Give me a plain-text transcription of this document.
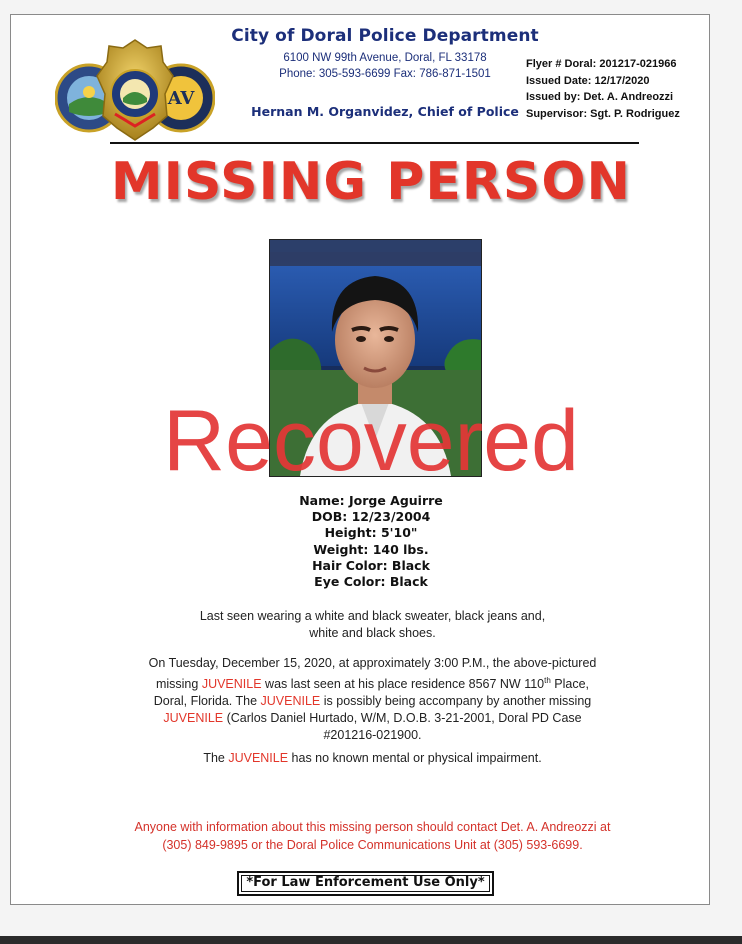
AV
City of Doral Police Department
6100 NW 99th Avenue, Doral, FL 33178
Phone: 305-593-6699 Fax: 786-871-1501
Hernan M. Organvidez, Chief of Police
Flyer # Doral: 201217-021966
Issued Date: 12/17/2020
Issued by: Det. A. Andreozzi
Supervisor: Sgt. P. Rodriguez
MISSING PERSON
Recovered
Name: Jorge Aguirre
DOB: 12/23/2004
Height: 5'10"
Weight: 140 lbs.
Hair Color: Black
Eye Color: Black
Last seen wearing a white and black sweater, black jeans and,
white and black shoes.
On Tuesday, December 15, 2020, at approximately 3:00 P.M., the above-pictured missing JUVENILE was last seen at his place residence 8567 NW 110th Place, Doral, Florida. The JUVENILE is possibly being accompany by another missing JUVENILE (Carlos Daniel Hurtado, W/M, D.O.B. 3-21-2001, Doral PD Case #201216-021900.
The JUVENILE has no known mental or physical impairment.
Anyone with information about this missing person should contact Det. A. Andreozzi at
(305) 849-9895 or the Doral Police Communications Unit at (305) 593-6699.
*For Law Enforcement Use Only*
